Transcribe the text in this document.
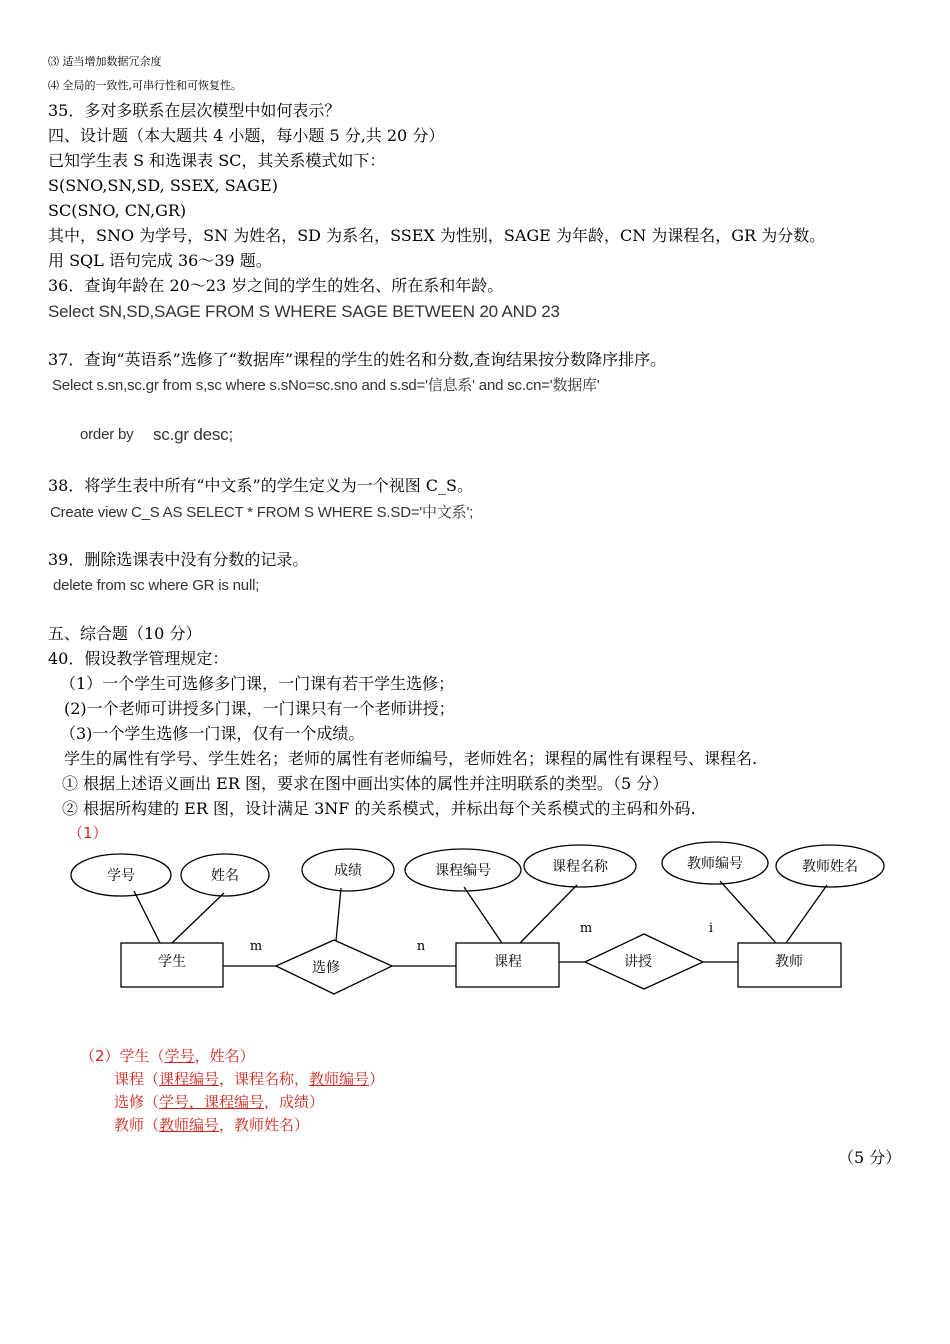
⑶ 适当增加数据冗余度
⑷ 全局的一致性,可串行性和可恢复性。
35．多对多联系在层次模型中如何表示？
四、设计题（本大题共 4 小题，每小题 5 分,共 20 分）
已知学生表 S 和选课表 SC，其关系模式如下：
S(SNO,SN,SD, SSEX, SAGE)
SC(SNO, CN,GR)
其中，SNO 为学号，SN 为姓名，SD 为系名，SSEX 为性别，SAGE 为年龄，CN 为课程名，GR 为分数。
用 SQL 语句完成 36～39 题。
36．查询年龄在 20～23 岁之间的学生的姓名、所在系和年龄。
Select SN,SD,SAGE FROM S WHERE SAGE BETWEEN 20 AND 23
37．查询“英语系”选修了“数据库”课程的学生的姓名和分数,查询结果按分数降序排序。
Select s.sn,sc.gr from s,sc where s.sNo=sc.sno and s.sd='信息系' and sc.cn='数据库'
order by sc.gr desc;
38．将学生表中所有“中文系”的学生定义为一个视图 C_S。
Create view C_S AS SELECT * FROM S WHERE S.SD='中文系';
39．删除选课表中没有分数的记录。
delete from sc where GR is null;
五、综合题（10 分）
40．假设教学管理规定：
（1）一个学生可选修多门课，一门课有若干学生选修；
(2)一个老师可讲授多门课，一门课只有一个老师讲授；
（3)一个学生选修一门课，仅有一个成绩。
学生的属性有学号、学生姓名；老师的属性有老师编号，老师姓名；课程的属性有课程号、课程名.
① 根据上述语义画出 ER 图，要求在图中画出实体的属性并注明联系的类型。（5 分）
② 根据所构建的 ER 图，设计满足 3NF 的关系模式，并标出每个关系模式的主码和外码.
（1）
学号	姓名	成绩	课程编号	课程名称	教师编号	教师姓名
学生	课程	教师
选修	讲授
m	n
m	i
（2）学生（学号，姓名）
课程（课程编号，课程名称，教师编号）
选修（学号，课程编号，成绩）
教师（教师编号，教师姓名）
（5 分）
